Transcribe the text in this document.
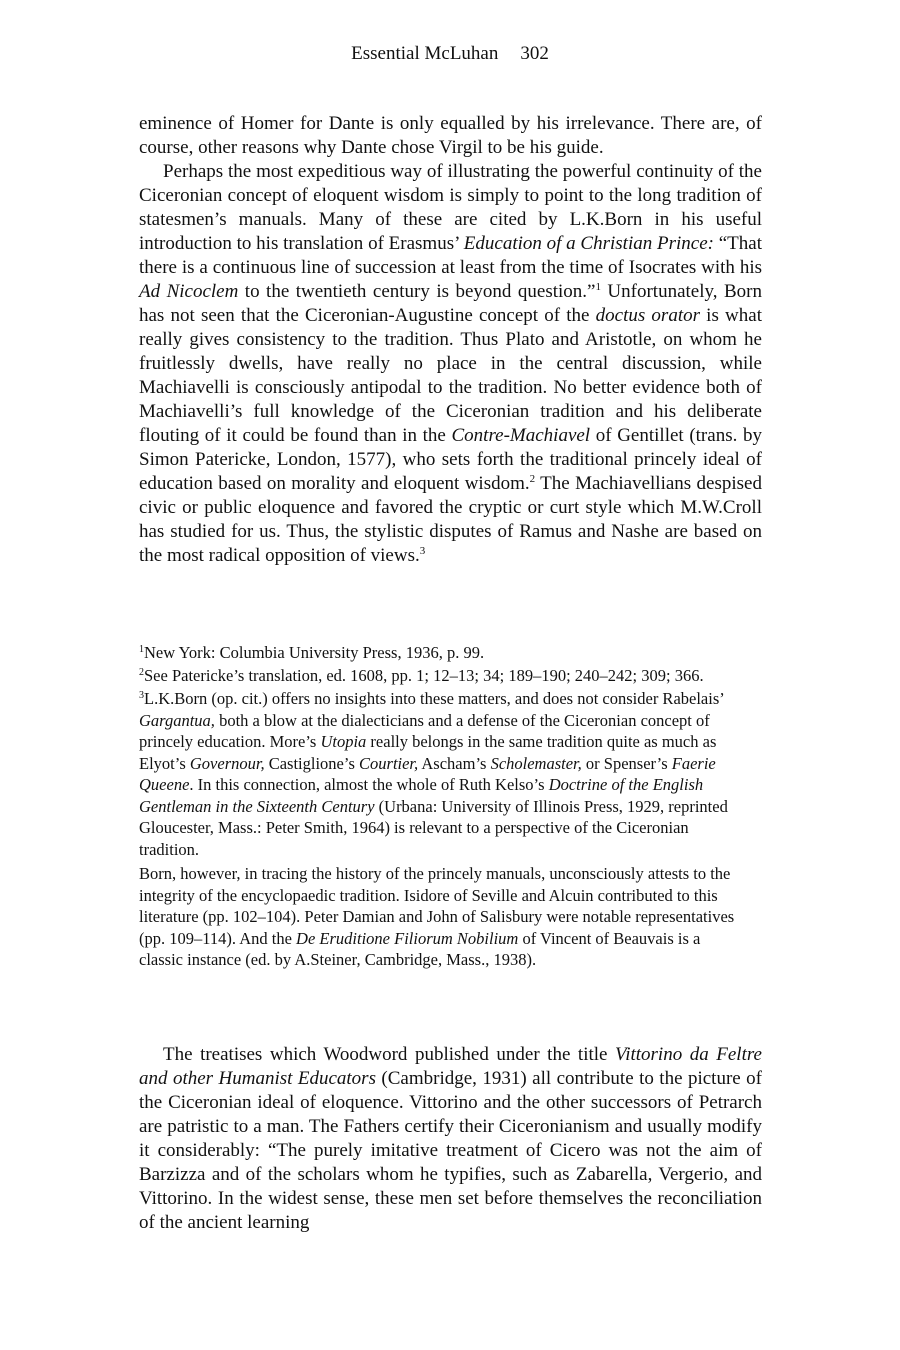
Essential McLuhan 302

eminence of Homer for Dante is only equalled by his irrelevance. There are, of course, other reasons why Dante chose Virgil to be his guide.

Perhaps the most expeditious way of illustrating the powerful continuity of the Ciceronian concept of eloquent wisdom is simply to point to the long tradition of statesmen’s manuals. Many of these are cited by L.K.Born in his useful introduction to his translation of Erasmus’ Education of a Christian Prince: “That there is a continuous line of succession at least from the time of Isocrates with his Ad Nicoclem to the twentieth century is beyond question.”$^1$ Unfortunately, Born has not seen that the Ciceronian-Augustine concept of the doctus orator is what really gives consistency to the tradition. Thus Plato and Aristotle, on whom he fruitlessly dwells, have really no place in the central discussion, while Machiavelli is consciously antipodal to the tradition. No better evidence both of Machiavelli’s full knowledge of the Ciceronian tradition and his deliberate flouting of it could be found than in the Contre-Machiavel of Gentillet (trans. by Simon Patericke, London, 1577), who sets forth the traditional princely ideal of education based on morality and eloquent wisdom.$^2$ The Machiavellians despised civic or public eloquence and favored the cryptic or curt style which M.W.Croll has studied for us. Thus, the stylistic disputes of Ramus and Nashe are based on the most radical opposition of views.$^3$

$^1$New York: Columbia University Press, 1936, p. 99.

$^2$See Patericke’s translation, ed. 1608, pp. 1; 12–13; 34; 189–190; 240–242; 309; 366.

$^3$L.K.Born (op. cit.) offers no insights into these matters, and does not consider Rabelais’ Gargantua, both a blow at the dialecticians and a defense of the Ciceronian concept of princely education. More’s Utopia really belongs in the same tradition quite as much as Elyot’s Governour, Castiglione’s Courtier, Ascham’s Scholemaster, or Spenser’s Faerie Queene. In this connection, almost the whole of Ruth Kelso’s Doctrine of the English Gentleman in the Sixteenth Century (Urbana: University of Illinois Press, 1929, reprinted Gloucester, Mass.: Peter Smith, 1964) is relevant to a perspective of the Ciceronian tradition.

Born, however, in tracing the history of the princely manuals, unconsciously attests to the integrity of the encyclopaedic tradition. Isidore of Seville and Alcuin contributed to this literature (pp. 102–104). Peter Damian and John of Salisbury were notable representatives (pp. 109–114). And the De Eruditione Filiorum Nobilium of Vincent of Beauvais is a classic instance (ed. by A.Steiner, Cambridge, Mass., 1938).

The treatises which Woodword published under the title Vittorino da Feltre and other Humanist Educators (Cambridge, 1931) all contribute to the picture of the Ciceronian ideal of eloquence. Vittorino and the other successors of Petrarch are patristic to a man. The Fathers certify their Ciceronianism and usually modify it considerably: “The purely imitative treatment of Cicero was not the aim of Barzizza and of the scholars whom he typifies, such as Zabarella, Vergerio, and Vittorino. In the widest sense, these men set before themselves the reconciliation of the ancient learning
